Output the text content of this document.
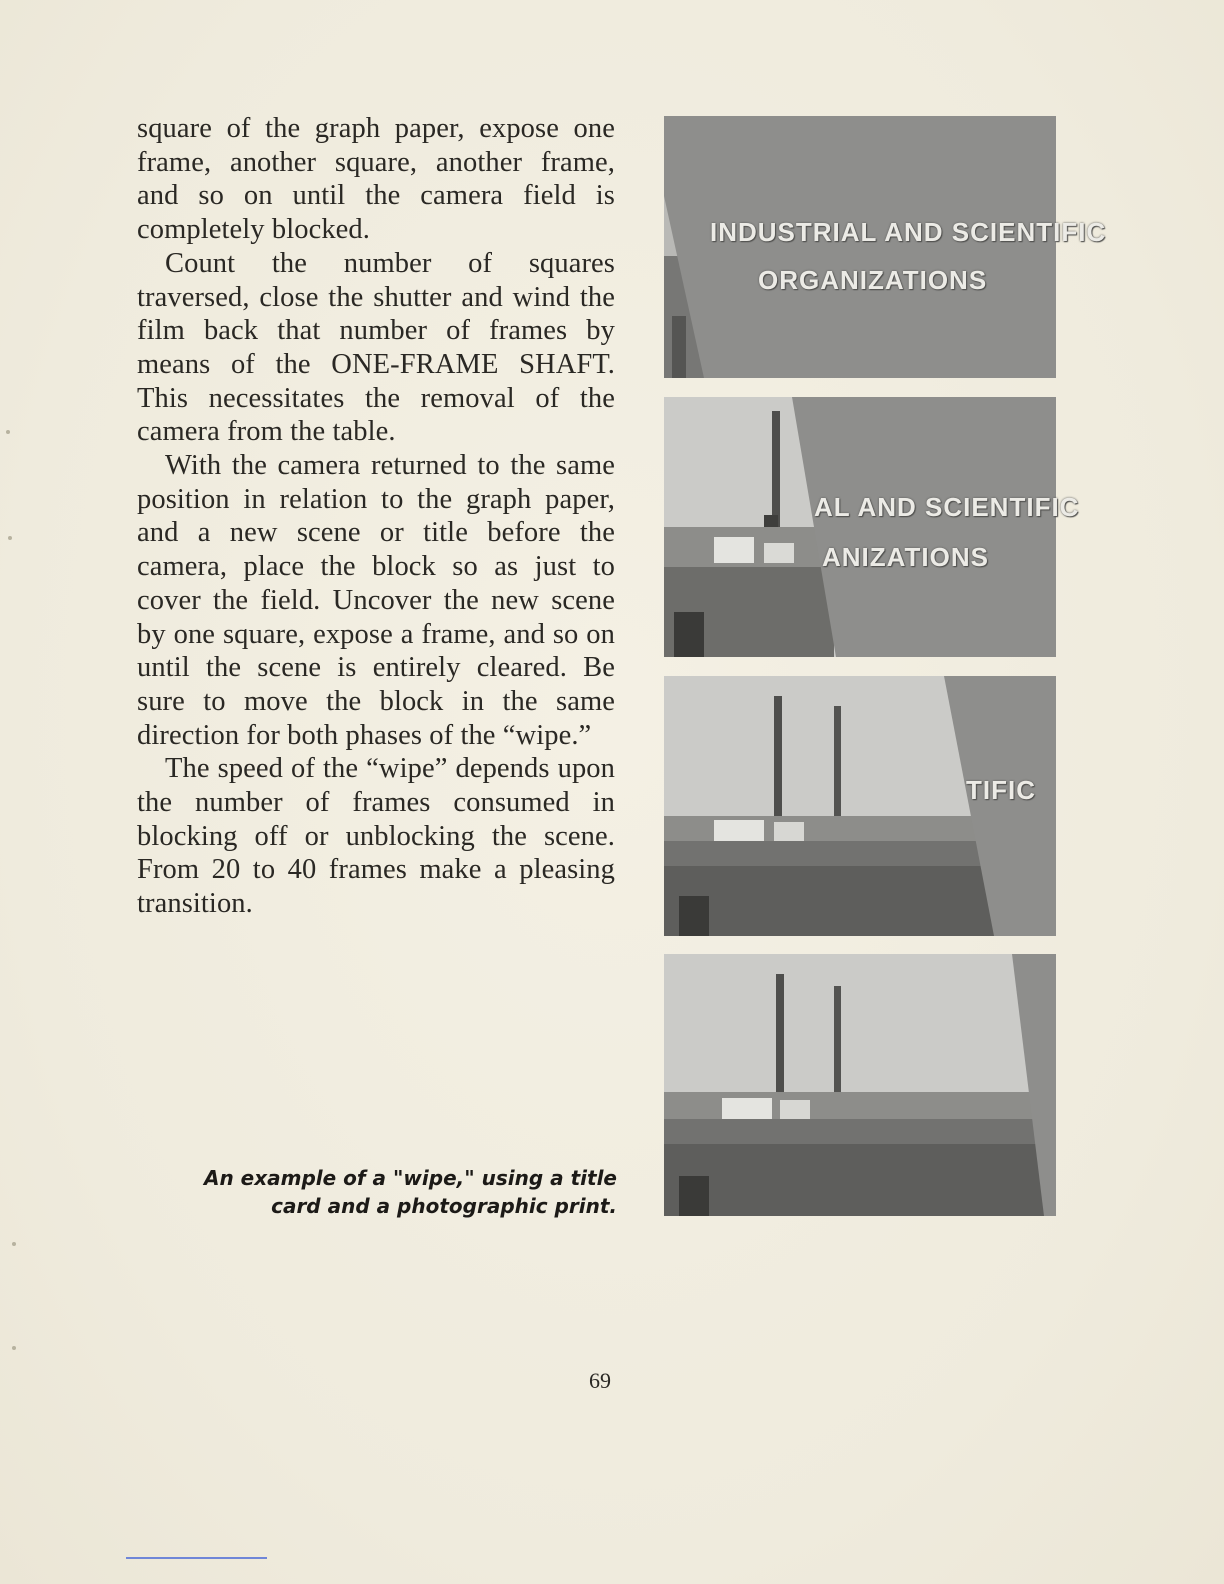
square of the graph paper, expose one frame, another square, another frame, and so on until the camera field is completely blocked.

Count the number of squares traversed, close the shutter and wind the film back that number of frames by means of the ONE-FRAME SHAFT. This necessitates the removal of the camera from the table.

With the camera returned to the same position in relation to the graph paper, and a new scene or title before the camera, place the block so as just to cover the field. Uncover the new scene by one square, expose a frame, and so on until the scene is entirely cleared. Be sure to move the block in the same direction for both phases of the “wipe.”

The speed of the “wipe” depends upon the number of frames consumed in blocking off or unblocking the scene. From 20 to 40 frames make a pleasing transition.

An example of a "wipe," using a title
card and a photographic print.
69
INDUSTRIAL AND SCIENTIFIC
ORGANIZATIONS
AL AND SCIENTIFIC
ANIZATIONS
TIFIC
